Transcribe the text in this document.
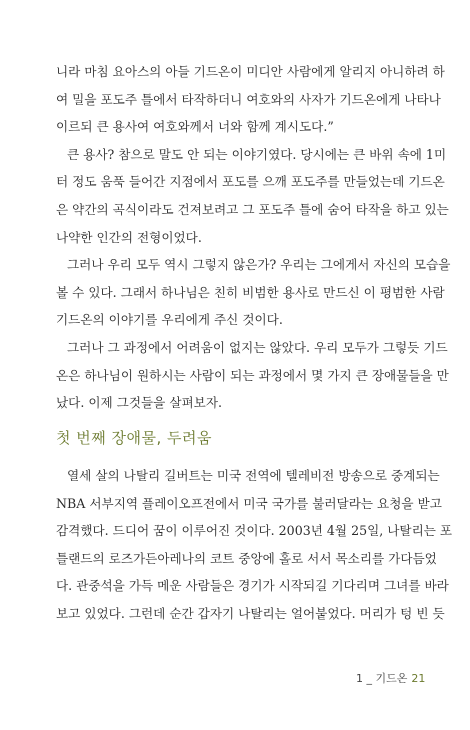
니라 마침 요아스의 아들 기드온이 미디안 사람에게 알리지 아니하려 하
여 밀을 포도주 틀에서 타작하더니 여호와의 사자가 기드온에게 나타나
이르되 큰 용사여 여호와께서 너와 함께 계시도다.”
큰 용사? 참으로 말도 안 되는 이야기였다. 당시에는 큰 바위 속에 1미
터 정도 움푹 들어간 지점에서 포도를 으깨 포도주를 만들었는데 기드온
은 약간의 곡식이라도 건져보려고 그 포도주 틀에 숨어 타작을 하고 있는
나약한 인간의 전형이었다.
그러나 우리 모두 역시 그렇지 않은가? 우리는 그에게서 자신의 모습을
볼 수 있다. 그래서 하나님은 친히 비범한 용사로 만드신 이 평범한 사람
기드온의 이야기를 우리에게 주신 것이다.
그러나 그 과정에서 어려움이 없지는 않았다. 우리 모두가 그렇듯 기드
온은 하나님이 원하시는 사람이 되는 과정에서 몇 가지 큰 장애물들을 만
났다. 이제 그것들을 살펴보자.
첫 번째 장애물, 두려움
열세 살의 나탈리 길버트는 미국 전역에 텔레비전 방송으로 중계되는
NBA 서부지역 플레이오프전에서 미국 국가를 불러달라는 요청을 받고
감격했다. 드디어 꿈이 이루어진 것이다. 2003년 4월 25일, 나탈리는 포
틀랜드의 로즈가든아레나의 코트 중앙에 홀로 서서 목소리를 가다듬었
다. 관중석을 가득 메운 사람들은 경기가 시작되길 기다리며 그녀를 바라
보고 있었다. 그런데 순간 갑자기 나탈리는 얼어붙었다. 머리가 텅 빈 듯
1 _ 기드온 21
